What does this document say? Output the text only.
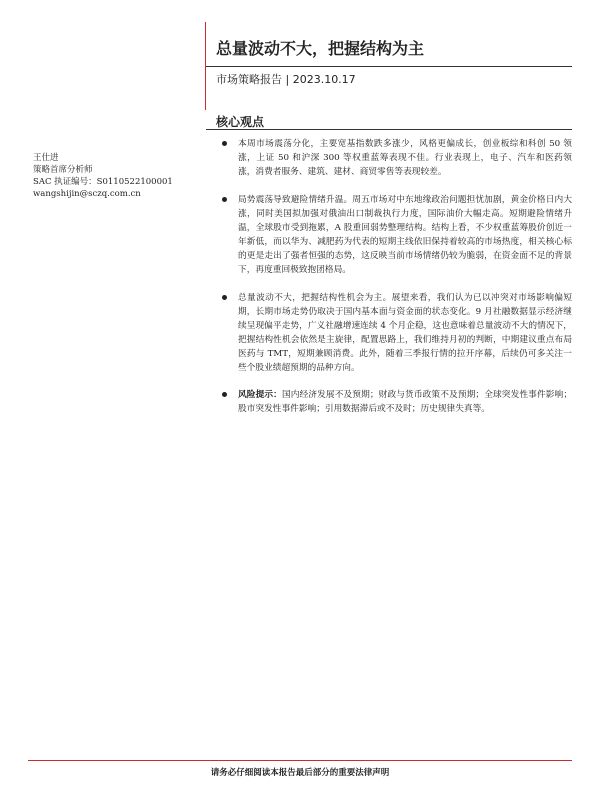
总量波动不大，把握结构为主
市场策略报告 | 2023.10.17
核心观点
王仕进
策略首席分析师
SAC 执证编号：S0110522100001
wangshijin@sczq.com.cn
本周市场震荡分化，主要宽基指数跌多涨少，风格更偏成长，创业板综和科创 50 领涨，上证 50 和沪深 300 等权重蓝筹表现不佳。行业表现上，电子、汽车和医药领涨，消费者服务、建筑、建材、商贸零售等表现较差。
局势震荡导致避险情绪升温。周五市场对中东地缘政治问题担忧加剧，黄金价格日内大涨，同时美国拟加强对俄油出口制裁执行力度，国际油价大幅走高。短期避险情绪升温，全球股市受到拖累，A 股重回弱势整理结构。结构上看，不少权重蓝筹股价创近一年新低，而以华为、减肥药为代表的短期主线依旧保持着较高的市场热度，相关核心标的更是走出了强者恒强的态势，这反映当前市场情绪仍较为脆弱，在资金面不足的背景下，再度重回极致抱团格局。
总量波动不大，把握结构性机会为主。展望来看，我们认为已以冲突对市场影响偏短期，长期市场走势仍取决于国内基本面与资金面的状态变化。9 月社融数据显示经济继续呈现偏平走势，广义社融增速连续 4 个月企稳，这也意味着总量波动不大的情况下，把握结构性机会依然是主旋律，配置思路上，我们维持月初的判断，中期建议重点布局医药与 TMT，短期兼顾消费。此外，随着三季报行情的拉开序幕，后续仍可多关注一些个股业绩超预期的品种方向。
风险提示：国内经济发展不及预期；财政与货币政策不及预期；全球突发性事件影响；股市突发性事件影响；引用数据滞后或不及时；历史规律失真等。
请务必仔细阅读本报告最后部分的重要法律声明
